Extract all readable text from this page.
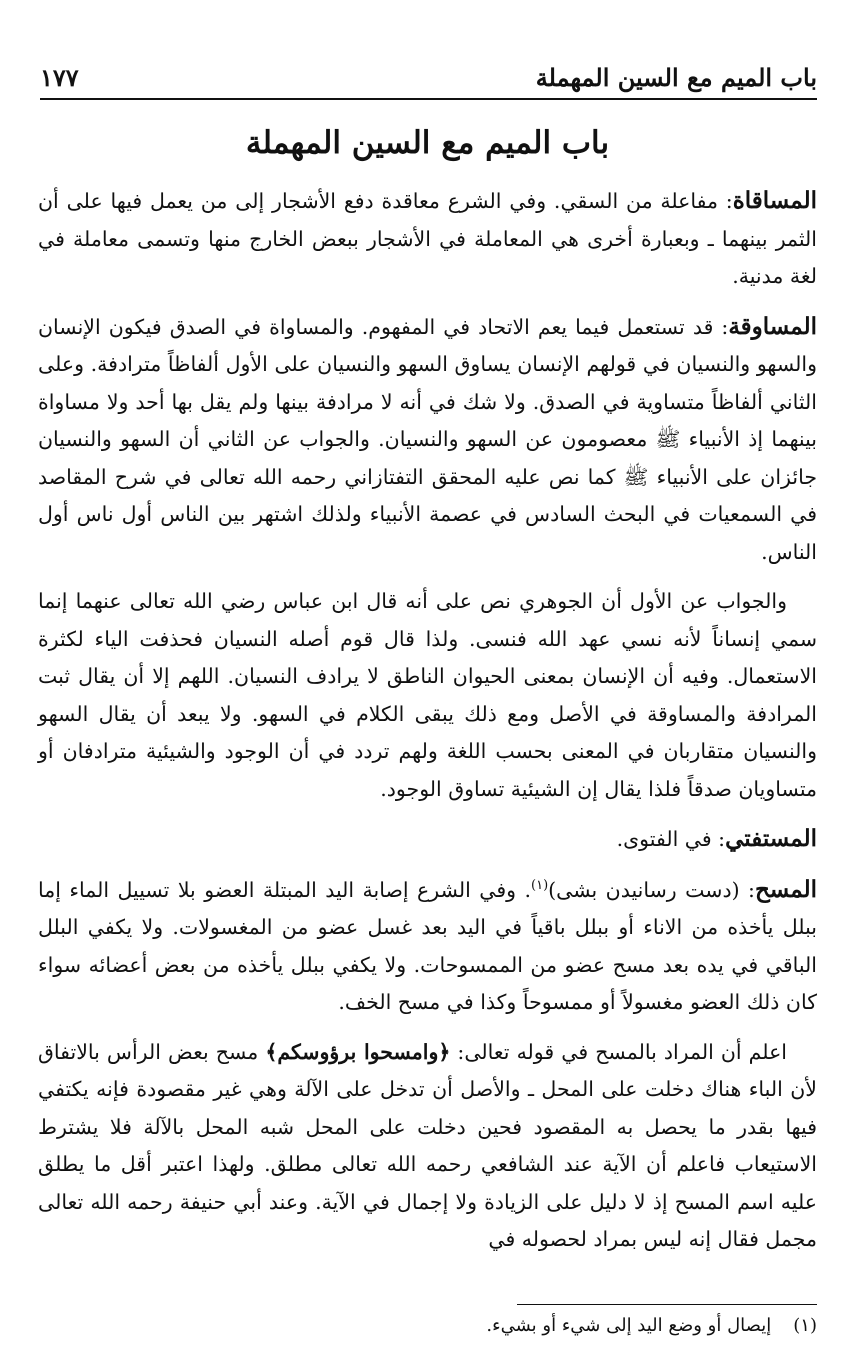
باب الميم مع السين المهملة
١٧٧
باب الميم مع السين المهملة

المساقاة: مفاعلة من السقي. وفي الشرع معاقدة دفع الأشجار إلى من يعمل فيها على أن الثمر بينهما ـ وبعبارة أخرى هي المعاملة في الأشجار ببعض الخارج منها وتسمى معاملة في لغة مدنية.

المساوقة: قد تستعمل فيما يعم الاتحاد في المفهوم. والمساواة في الصدق فيكون الإنسان والسهو والنسيان في قولهم الإنسان يساوق السهو والنسيان على الأول ألفاظاً مترادفة. وعلى الثاني ألفاظاً متساوية في الصدق. ولا شك في أنه لا مرادفة بينها ولم يقل بها أحد ولا مساواة بينهما إذ الأنبياء ﷺ معصومون عن السهو والنسيان. والجواب عن الثاني أن السهو والنسيان جائزان على الأنبياء ﷺ كما نص عليه المحقق التفتازاني رحمه الله تعالى في شرح المقاصد في السمعيات في البحث السادس في عصمة الأنبياء ولذلك اشتهر بين الناس أول ناس أول الناس.

والجواب عن الأول أن الجوهري نص على أنه قال ابن عباس رضي الله تعالى عنهما إنما سمي إنساناً لأنه نسي عهد الله فنسى. ولذا قال قوم أصله النسيان فحذفت الياء لكثرة الاستعمال. وفيه أن الإنسان بمعنى الحيوان الناطق لا يرادف النسيان. اللهم إلا أن يقال ثبت المرادفة والمساوقة في الأصل ومع ذلك يبقى الكلام في السهو. ولا يبعد أن يقال السهو والنسيان متقاربان في المعنى بحسب اللغة ولهم تردد في أن الوجود والشيئية مترادفان أو متساويان صدقاً فلذا يقال إن الشيئية تساوق الوجود.

المستفتي: في الفتوى.

المسح: (دست رسانيدن بشى)$^{(١)}$. وفي الشرع إصابة اليد المبتلة العضو بلا تسييل الماء إما ببلل يأخذه من الاناء أو ببلل باقياً في اليد بعد غسل عضو من المغسولات. ولا يكفي البلل الباقي في يده بعد مسح عضو من الممسوحات. ولا يكفي ببلل يأخذه من بعض أعضائه سواء كان ذلك العضو مغسولاً أو ممسوحاً وكذا في مسح الخف.

اعلم أن المراد بالمسح في قوله تعالى: ﴿وامسحوا برؤوسكم﴾ مسح بعض الرأس بالاتفاق لأن الباء هناك دخلت على المحل ـ والأصل أن تدخل على الآلة وهي غير مقصودة فإنه يكتفي فيها بقدر ما يحصل به المقصود فحين دخلت على المحل شبه المحل بالآلة فلا يشترط الاستيعاب فاعلم أن الآية عند الشافعي رحمه الله تعالى مطلق. ولهذا اعتبر أقل ما يطلق عليه اسم المسح إذ لا دليل على الزيادة ولا إجمال في الآية. وعند أبي حنيفة رحمه الله تعالى مجمل فقال إنه ليس بمراد لحصوله في

(١)إيصال أو وضع اليد إلى شيء أو بشيء.
